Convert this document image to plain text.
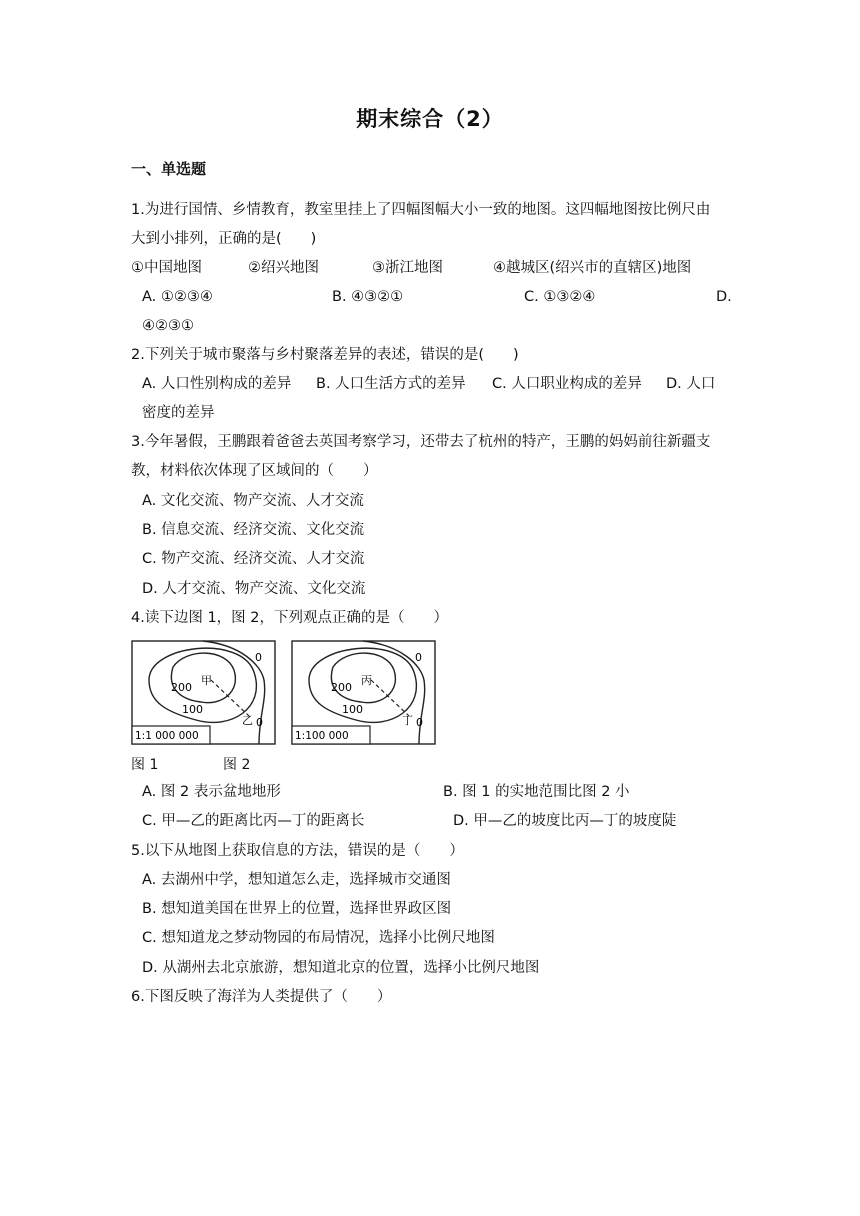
期末综合（2）
一、单选题
1.为进行国情、乡情教育，教室里挂上了四幅图幅大小一致的地图。这四幅地图按比例尺由
大到小排列，正确的是(　　)
①中国地图	②绍兴地图	③浙江地图	④越城区(绍兴市的直辖区)地图
A. ①②③④	B. ④③②①	C. ①③②④	D.
④②③①
2.下列关于城市聚落与乡村聚落差异的表述，错误的是(　　)
A. 人口性别构成的差异 B. 人口生活方式的差异 C. 人口职业构成的差异 D. 人口
密度的差异
3.今年暑假，王鹏跟着爸爸去英国考察学习，还带去了杭州的特产，王鹏的妈妈前往新疆支
教，材料依次体现了区域间的（　　）
A. 文化交流、物产交流、人才交流
B. 信息交流、经济交流、文化交流
C. 物产交流、经济交流、人才交流
D. 人才交流、物产交流、文化交流
4.读下边图 1，图 2，下列观点正确的是（　　）
1:1 000 000
0
200
100
甲
乙 0
1:100 000
0
200
100
丙
丁 0
图 1	图 2
A. 图 2 表示盆地地形	B. 图 1 的实地范围比图 2 小
C. 甲—乙的距离比丙—丁的距离长	D. 甲—乙的坡度比丙—丁的坡度陡
5.以下从地图上获取信息的方法，错误的是（　　）
A. 去湖州中学，想知道怎么走，选择城市交通图
B. 想知道美国在世界上的位置，选择世界政区图
C. 想知道龙之梦动物园的布局情况，选择小比例尺地图
D. 从湖州去北京旅游，想知道北京的位置，选择小比例尺地图
6.下图反映了海洋为人类提供了（　　）
